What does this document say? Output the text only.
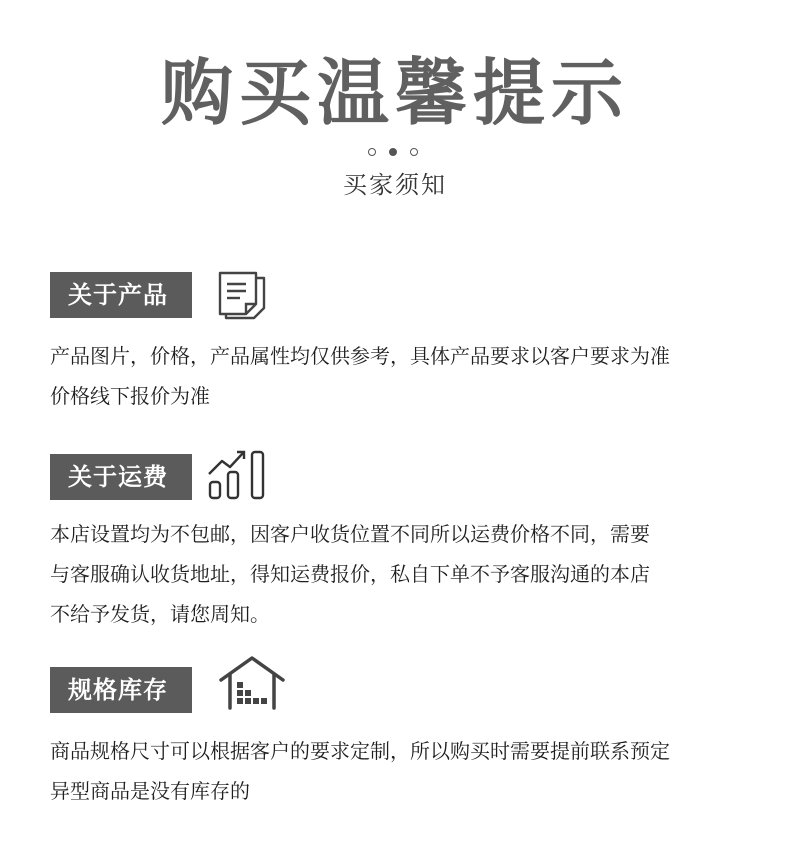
购买温馨提示
买家须知
关于产品
产品图片，价格，产品属性均仅供参考，具体产品要求以客户要求为准
价格线下报价为准
关于运费
本店设置均为不包邮，因客户收货位置不同所以运费价格不同，需要
与客服确认收货地址，得知运费报价，私自下单不予客服沟通的本店
不给予发货，请您周知。
规格库存
商品规格尺寸可以根据客户的要求定制，所以购买时需要提前联系预定
异型商品是没有库存的
